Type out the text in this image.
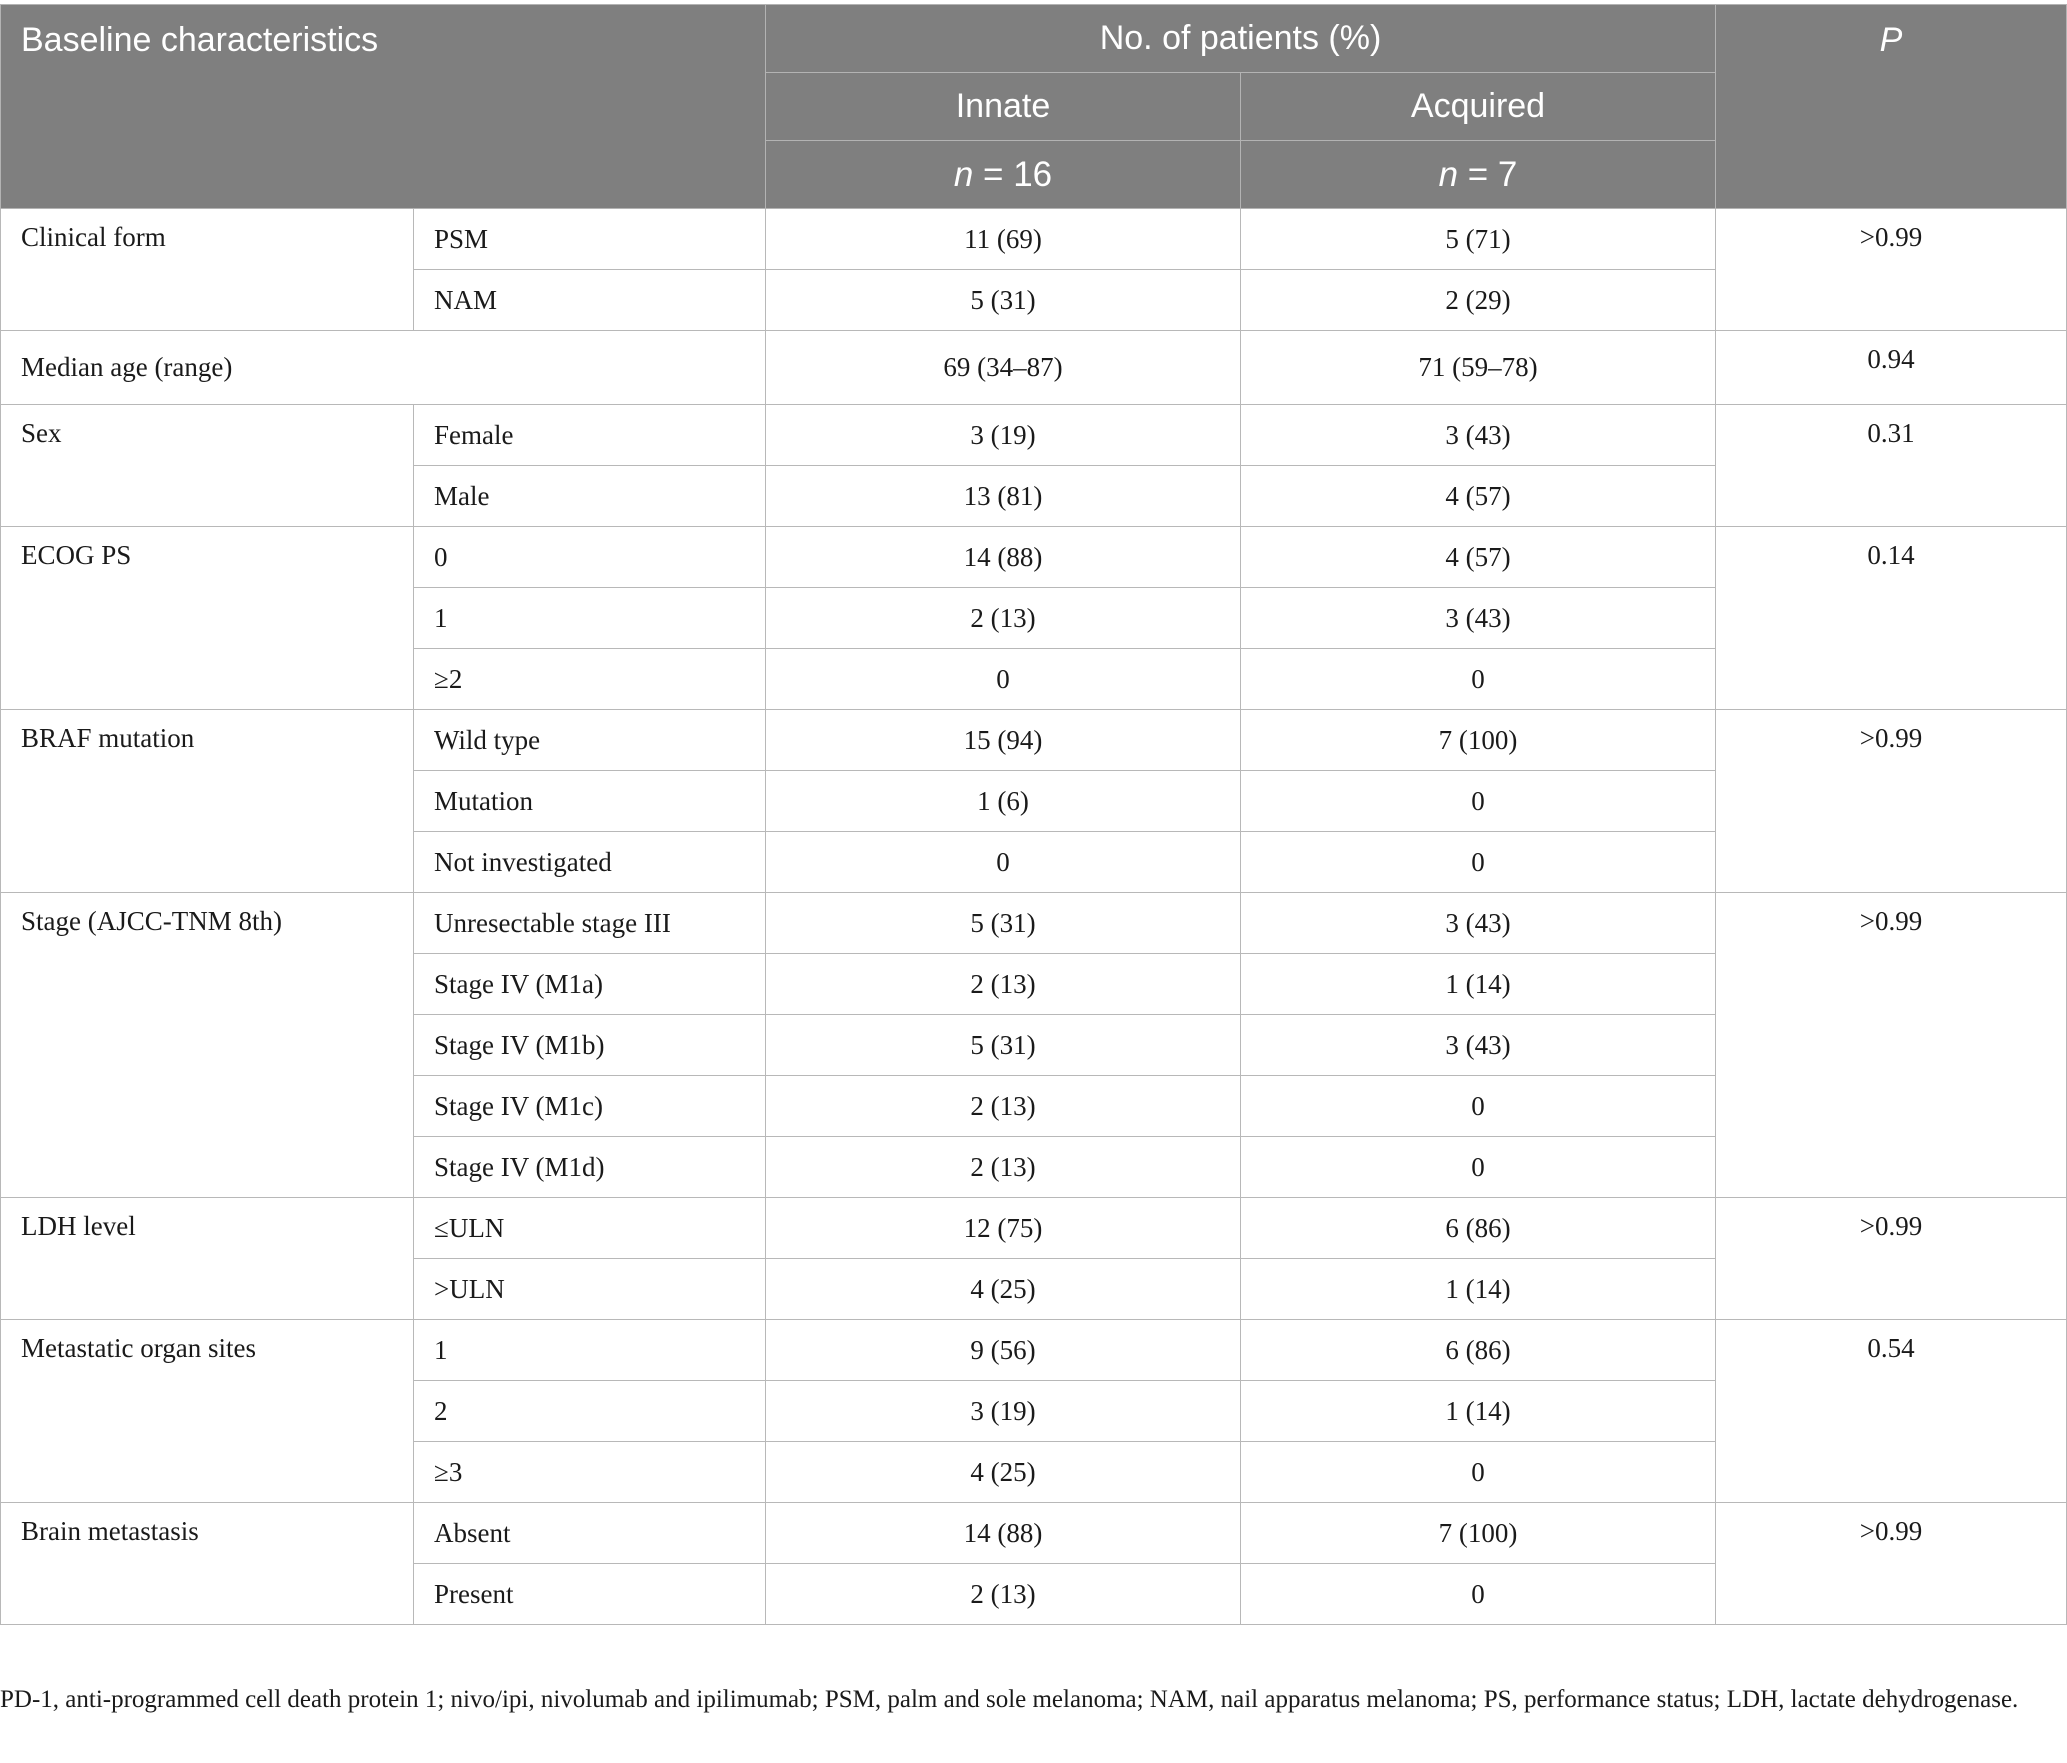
Baseline characteristics		No. of patients (%)		P
		Innate	Acquired	
		n = 16	n = 7	
Clinical form	PSM	11 (69)	5 (71)	>0.99
	NAM	5 (31)	2 (29)	
Median age (range)		69 (34–87)	71 (59–78)	0.94
Sex	Female	3 (19)	3 (43)	0.31
	Male	13 (81)	4 (57)	
ECOG PS	0	14 (88)	4 (57)	0.14
	1	2 (13)	3 (43)	
	≥2	0	0	
BRAF mutation	Wild type	15 (94)	7 (100)	>0.99
	Mutation	1 (6)	0	
	Not investigated	0	0	
Stage (AJCC-TNM 8th)	Unresectable stage III	5 (31)	3 (43)	>0.99
	Stage IV (M1a)	2 (13)	1 (14)	
	Stage IV (M1b)	5 (31)	3 (43)	
	Stage IV (M1c)	2 (13)	0	
	Stage IV (M1d)	2 (13)	0	
LDH level	≤ULN	12 (75)	6 (86)	>0.99
	>ULN	4 (25)	1 (14)	
Metastatic organ sites	1	9 (56)	6 (86)	0.54
	2	3 (19)	1 (14)	
	≥3	4 (25)	0	
Brain metastasis	Absent	14 (88)	7 (100)	>0.99
	Present	2 (13)	0	
PD-1, anti-programmed cell death protein 1; nivo/ipi, nivolumab and ipilimumab; PSM, palm and sole melanoma; NAM, nail apparatus melanoma; PS, performance status; LDH, lactate dehydrogenase.
